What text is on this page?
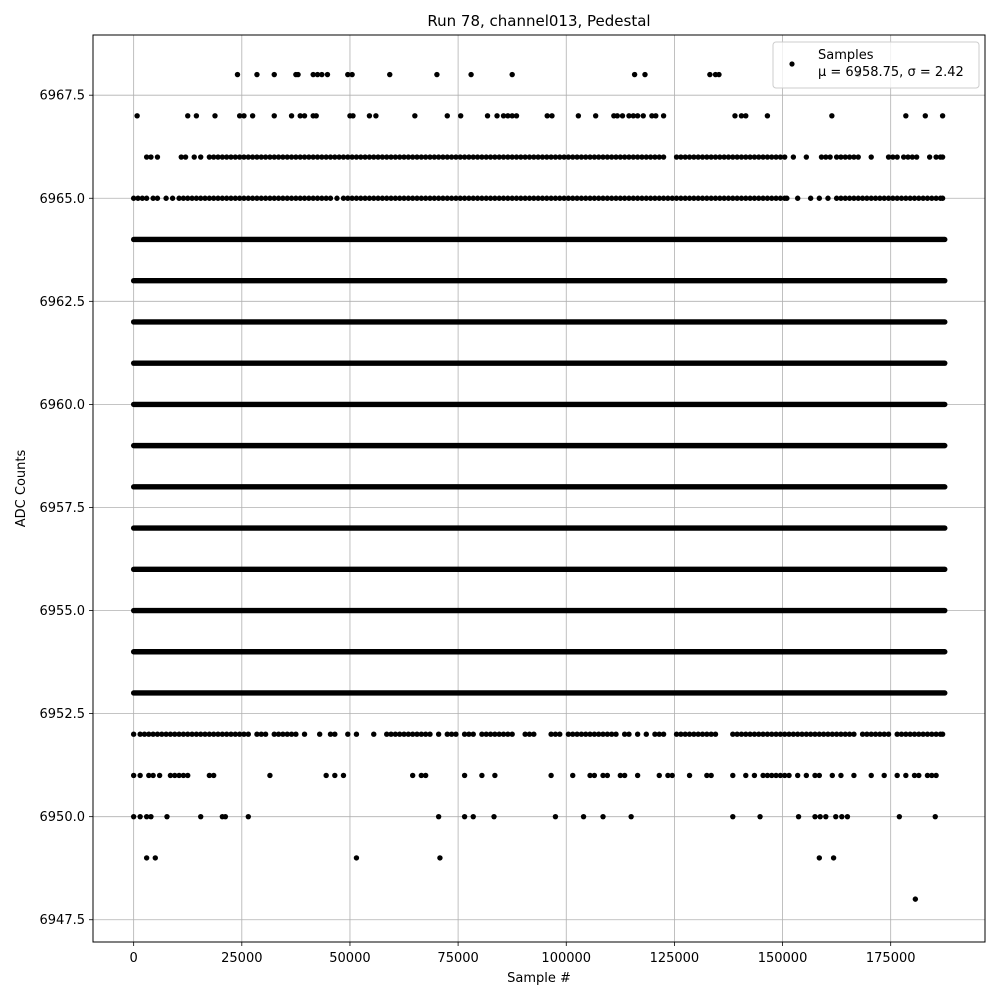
0	25000	50000	75000	100000	125000	150000	175000
6947.5
6950.0
6952.5
6955.0
6957.5
6960.0
6962.5
6965.0
6967.5
Run 78, channel013, Pedestal
Sample #
ADC Counts
Samples
μ = 6958.75, σ = 2.42
